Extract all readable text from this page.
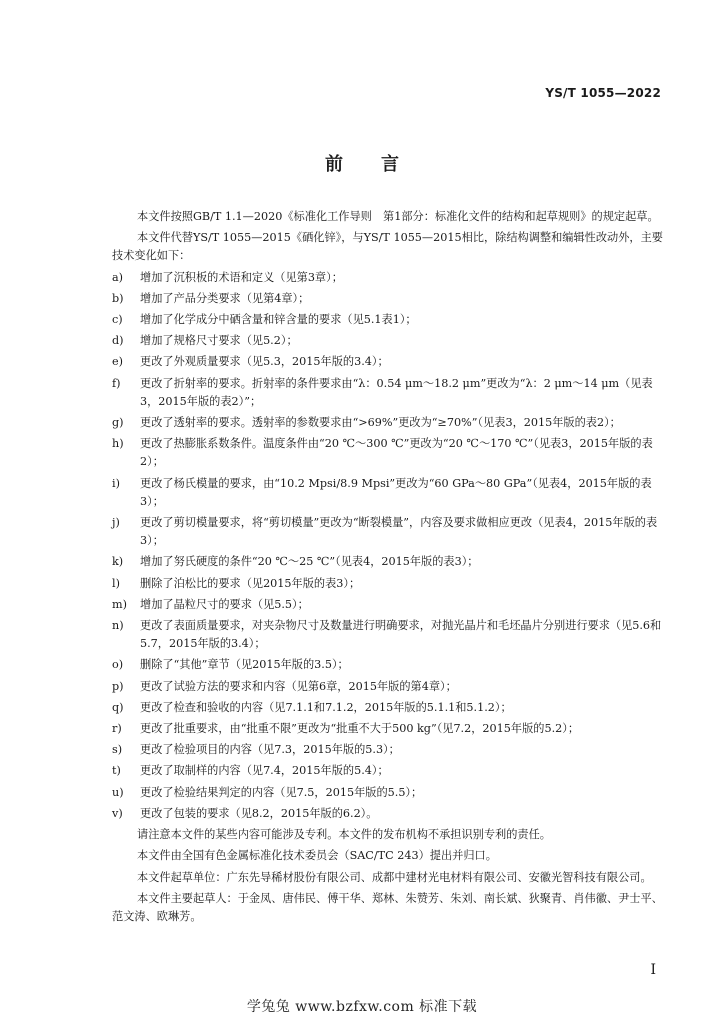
YS/T 1055—2022
前言

本文件按照GB/T 1.1—2020《标准化工作导则　第1部分：标准化文件的结构和起草规则》的规定起草。

本文件代替YS/T 1055—2015《硒化锌》，与YS/T 1055—2015相比，除结构调整和编辑性改动外，主要技术变化如下：

a)	增加了沉积板的术语和定义（见第3章）；
b)	增加了产品分类要求（见第4章）；
c)	增加了化学成分中硒含量和锌含量的要求（见5.1表1）；
d)	增加了规格尺寸要求（见5.2）；
e)	更改了外观质量要求（见5.3，2015年版的3.4）；
f)	更改了折射率的要求。折射率的条件要求由“λ：0.54 μm～18.2 μm”更改为“λ：2 μm～14 μm（见表3，2015年版的表2）”；
g)	更改了透射率的要求。透射率的参数要求由“>69%”更改为“≥70%”（见表3，2015年版的表2）；
h)	更改了热膨胀系数条件。温度条件由“20 ℃～300 ℃”更改为“20 ℃～170 ℃”（见表3，2015年版的表2）；
i)	更改了杨氏模量的要求，由“10.2 Mpsi/8.9 Mpsi”更改为“60 GPa～80 GPa”（见表4，2015年版的表3）；
j)	更改了剪切模量要求，将“剪切模量”更改为“断裂模量”，内容及要求做相应更改（见表4，2015年版的表3）；
k)	增加了努氏硬度的条件“20 ℃～25 ℃”（见表4，2015年版的表3）；
l)	删除了泊松比的要求（见2015年版的表3）；
m)	增加了晶粒尺寸的要求（见5.5）；
n)	更改了表面质量要求，对夹杂物尺寸及数量进行明确要求，对抛光晶片和毛坯晶片分别进行要求（见5.6和5.7，2015年版的3.4）；
o)	删除了“其他”章节（见2015年版的3.5）；
p)	更改了试验方法的要求和内容（见第6章，2015年版的第4章）；
q)	更改了检查和验收的内容（见7.1.1和7.1.2，2015年版的5.1.1和5.1.2）；
r)	更改了批重要求，由“批重不限”更改为“批重不大于500 kg”（见7.2，2015年版的5.2）；
s)	更改了检验项目的内容（见7.3，2015年版的5.3）；
t)	更改了取制样的内容（见7.4，2015年版的5.4）；
u)	更改了检验结果判定的内容（见7.5，2015年版的5.5）；
v)	更改了包装的要求（见8.2，2015年版的6.2）。

请注意本文件的某些内容可能涉及专利。本文件的发布机构不承担识别专利的责任。

本文件由全国有色金属标准化技术委员会（SAC/TC 243）提出并归口。

本文件起草单位：广东先导稀材股份有限公司、成都中建材光电材料有限公司、安徽光智科技有限公司。

本文件主要起草人：于金凤、唐伟民、傅干华、郑林、朱赞芳、朱刘、南长斌、狄聚青、肖伟徽、尹士平、范文涛、欧琳芳。

I
学兔兔 www.bzfxw.com 标准下载
